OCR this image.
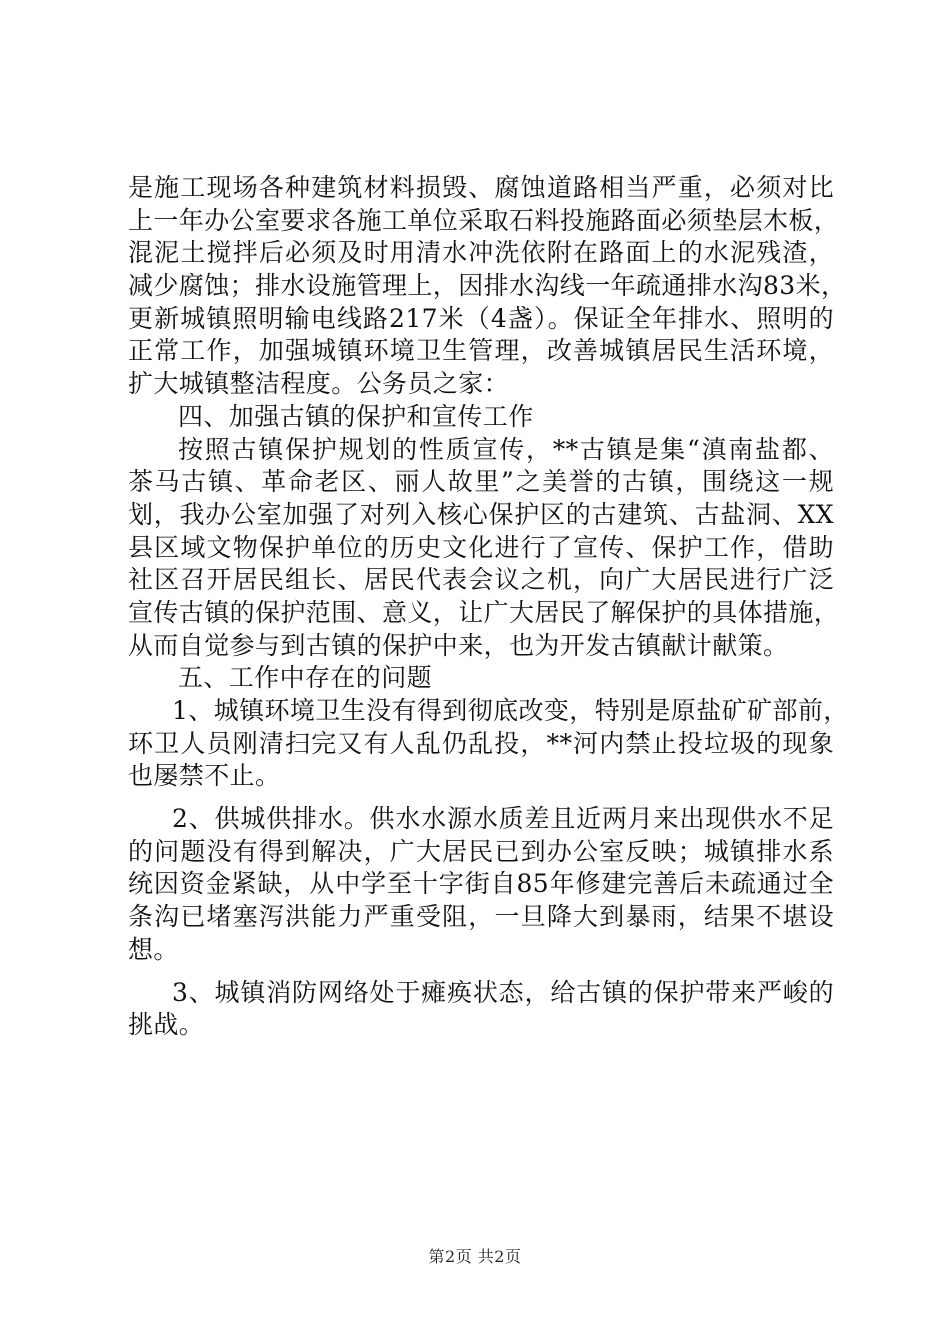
是施工现场各种建筑材料损毁、腐蚀道路相当严重，必须对比
上一年办公室要求各施工单位采取石料投施路面必须垫层木板，
混泥土搅拌后必须及时用清水冲洗依附在路面上的水泥残渣，
减少腐蚀；排水设施管理上，因排水沟线一年疏通排水沟83米，
更新城镇照明输电线路217米（4盏）。保证全年排水、照明的
正常工作，加强城镇环境卫生管理，改善城镇居民生活环境，
扩大城镇整洁程度。公务员之家：
四、加强古镇的保护和宣传工作
按照古镇保护规划的性质宣传，**古镇是集“滇南盐都、
茶马古镇、革命老区、丽人故里”之美誉的古镇，围绕这一规
划，我办公室加强了对列入核心保护区的古建筑、古盐洞、XX
县区域文物保护单位的历史文化进行了宣传、保护工作，借助
社区召开居民组长、居民代表会议之机，向广大居民进行广泛
宣传古镇的保护范围、意义，让广大居民了解保护的具体措施，
从而自觉参与到古镇的保护中来，也为开发古镇献计献策。
五、工作中存在的问题
1、城镇环境卫生没有得到彻底改变，特别是原盐矿矿部前，
环卫人员刚清扫完又有人乱仍乱投，**河内禁止投垃圾的现象
也屡禁不止。
2、供城供排水。供水水源水质差且近两月来出现供水不足
的问题没有得到解决，广大居民已到办公室反映；城镇排水系
统因资金紧缺，从中学至十字街自85年修建完善后未疏通过全
条沟已堵塞泻洪能力严重受阻，一旦降大到暴雨，结果不堪设
想。
3、城镇消防网络处于瘫痪状态，给古镇的保护带来严峻的
挑战。
第2页 共2页
